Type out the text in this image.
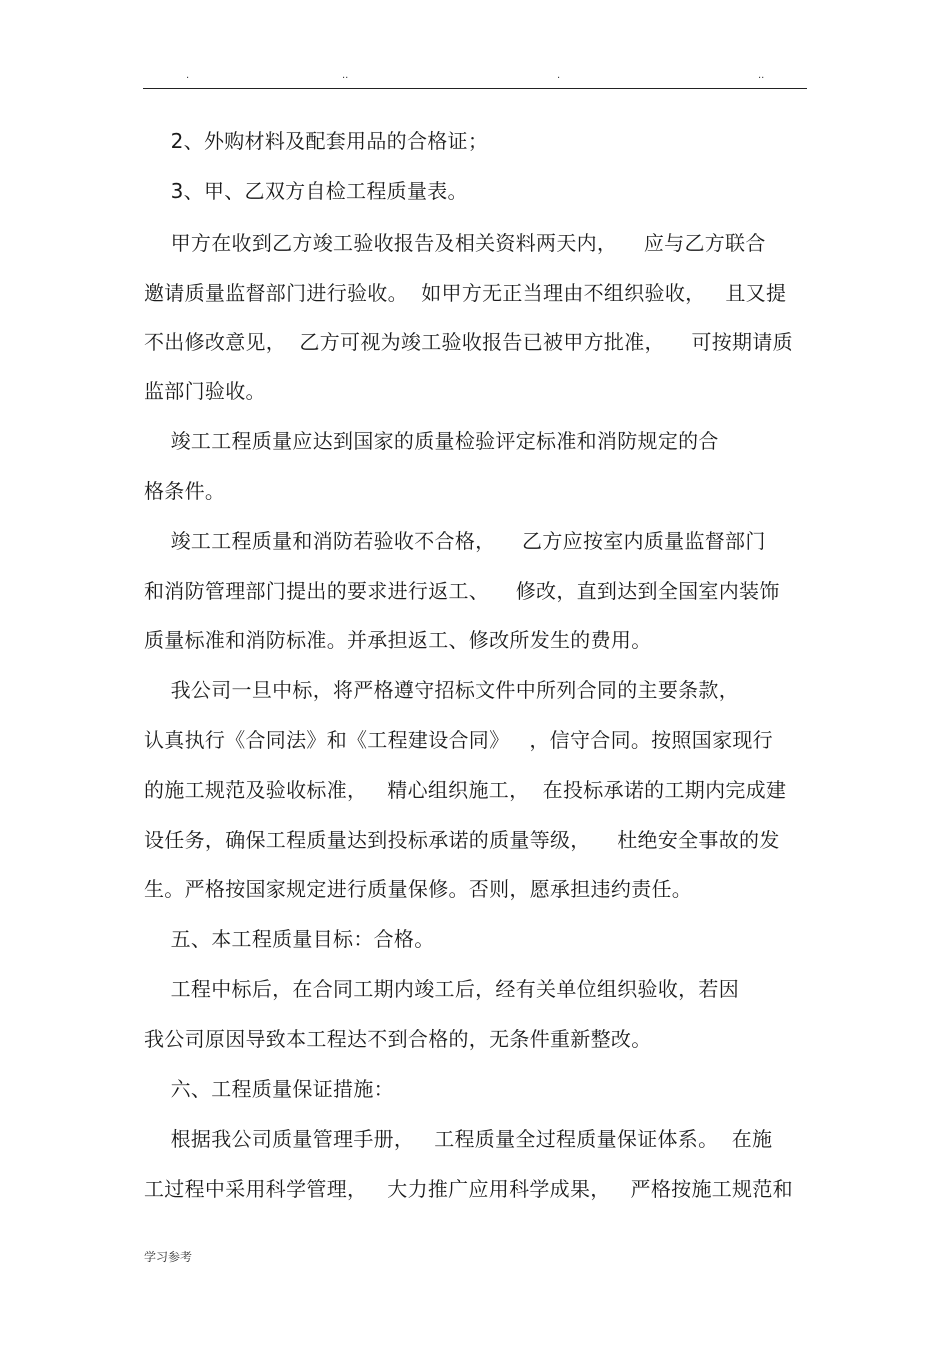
.	..	.	..
2、外购材料及配套用品的合格证；
3、甲、乙双方自检工程质量表。
甲方在收到乙方竣工验收报告及相关资料两天内，    应与乙方联合
邀请质量监督部门进行验收。  如甲方无正当理由不组织验收，   且又提
不出修改意见，  乙方可视为竣工验收报告已被甲方批准，    可按期请质
监部门验收。
竣工工程质量应达到国家的质量检验评定标准和消防规定的合
格条件。
竣工工程质量和消防若验收不合格，    乙方应按室内质量监督部门
和消防管理部门提出的要求进行返工、    修改，直到达到全国室内装饰
质量标准和消防标准。并承担返工、修改所发生的费用。
我公司一旦中标，将严格遵守招标文件中所列合同的主要条款，
认真执行《合同法》和《工程建设合同》   ，信守合同。按照国家现行
的施工规范及验收标准，   精心组织施工，  在投标承诺的工期内完成建
设任务，确保工程质量达到投标承诺的质量等级，    杜绝安全事故的发
生。严格按国家规定进行质量保修。否则，愿承担违约责任。
五、本工程质量目标：合格。
工程中标后，在合同工期内竣工后，经有关单位组织验收，若因
我公司原因导致本工程达不到合格的，无条件重新整改。
六、工程质量保证措施：
根据我公司质量管理手册，   工程质量全过程质量保证体系。  在施
工过程中采用科学管理，   大力推广应用科学成果，   严格按施工规范和
学习参考
